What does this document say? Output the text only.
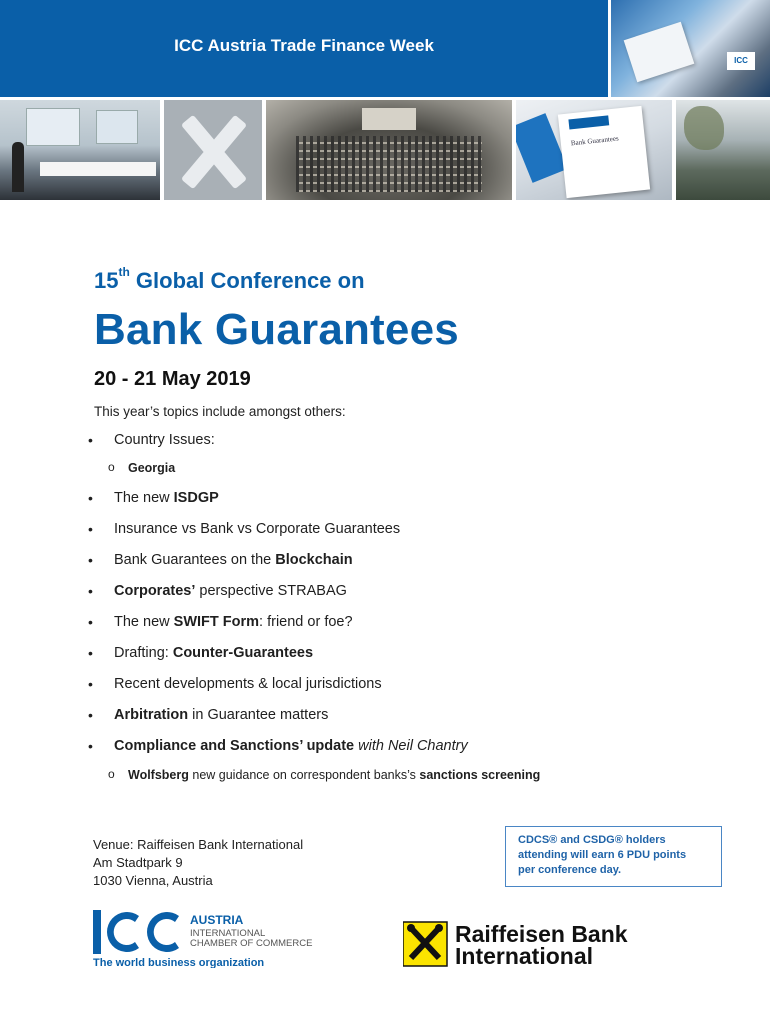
ICC Austria Trade Finance Week
ICC
Bank Guarantees
15th Global Conference on
Bank Guarantees
20 - 21 May 2019
This year’s topics include amongst others:
• Country Issues:
o Georgia
• The new ISDGP
• Insurance vs Bank vs Corporate Guarantees
• Bank Guarantees on the Blockchain
• Corporates’ perspective STRABAG
• The new SWIFT Form: friend or foe?
• Drafting: Counter-Guarantees
• Recent developments & local jurisdictions
• Arbitration in Guarantee matters
• Compliance and Sanctions’ update with Neil Chantry
o Wolfsberg new guidance on correspondent banks’s sanctions screening
Venue: Raiffeisen Bank International
Am Stadtpark 9
1030 Vienna, Austria
CDCS® and CSDG® holders
attending will earn 6 PDU points
per conference day.
AUSTRIA
INTERNATIONAL
CHAMBER OF COMMERCE
The world business organization
Raiffeisen Bank
International
